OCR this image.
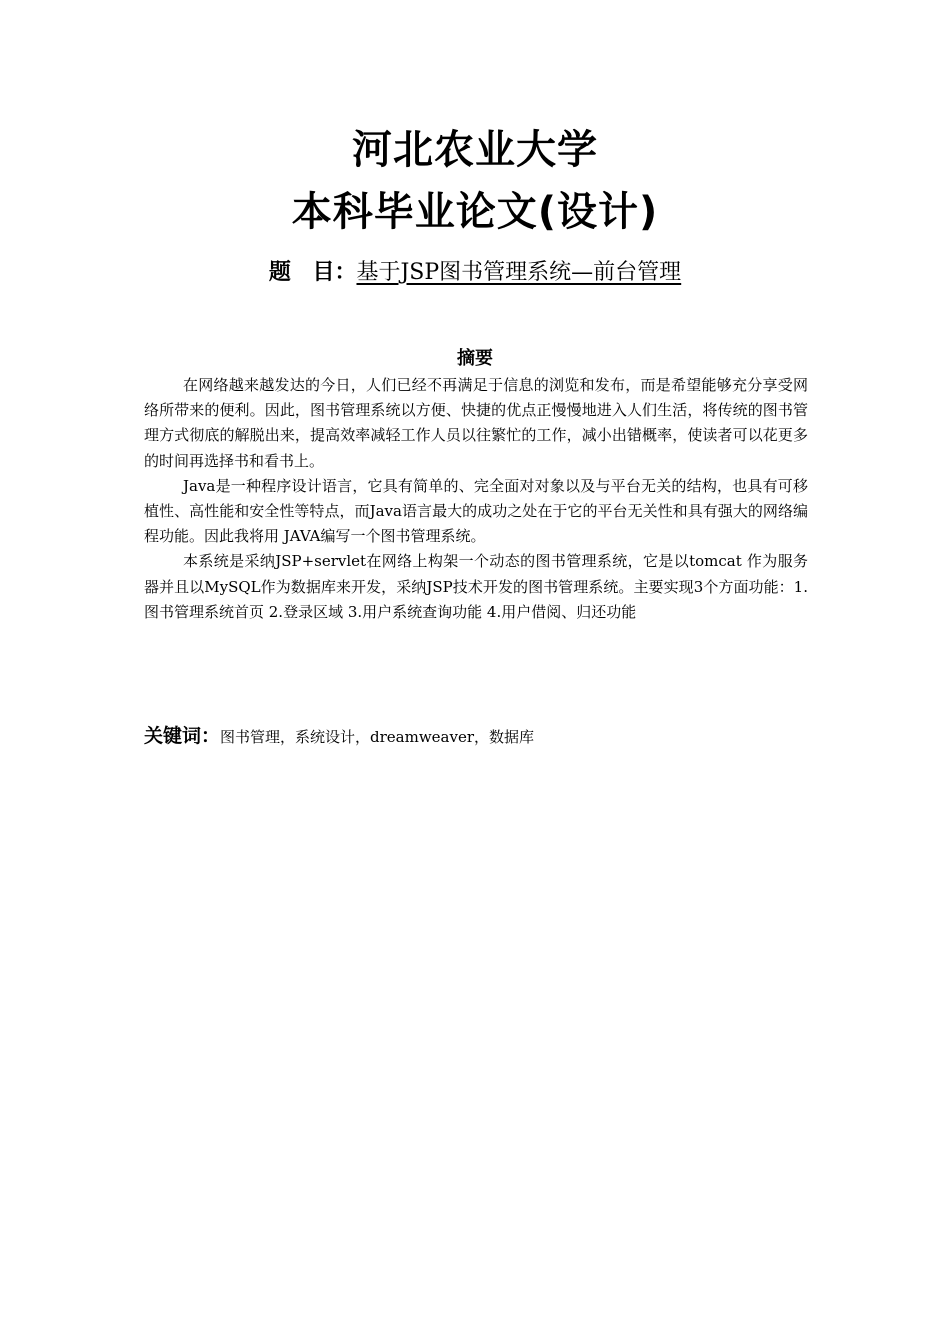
河北农业大学
本科毕业论文(设计)
题 目：基于JSP图书管理系统—前台管理
摘要

在网络越来越发达的今日，人们已经不再满足于信息的浏览和发布，而是希望能够充分享受网络所带来的便利。因此，图书管理系统以方便、快捷的优点正慢慢地进入人们生活，将传统的图书管理方式彻底的解脱出来，提高效率减轻工作人员以往繁忙的工作，减小出错概率，使读者可以花更多的时间再选择书和看书上。

Java是一种程序设计语言，它具有简单的、完全面对对象以及与平台无关的结构，也具有可移植性、高性能和安全性等特点，而Java语言最大的成功之处在于它的平台无关性和具有强大的网络编程功能。因此我将用 JAVA编写一个图书管理系统。

本系统是采纳JSP+servlet在网络上构架一个动态的图书管理系统，它是以tomcat 作为服务器并且以MySQL作为数据库来开发，采纳JSP技术开发的图书管理系统。主要实现3个方面功能：1.图书管理系统首页 2.登录区域 3.用户系统查询功能 4.用户借阅、归还功能

关键词：图书管理，系统设计，dreamweaver，数据库
